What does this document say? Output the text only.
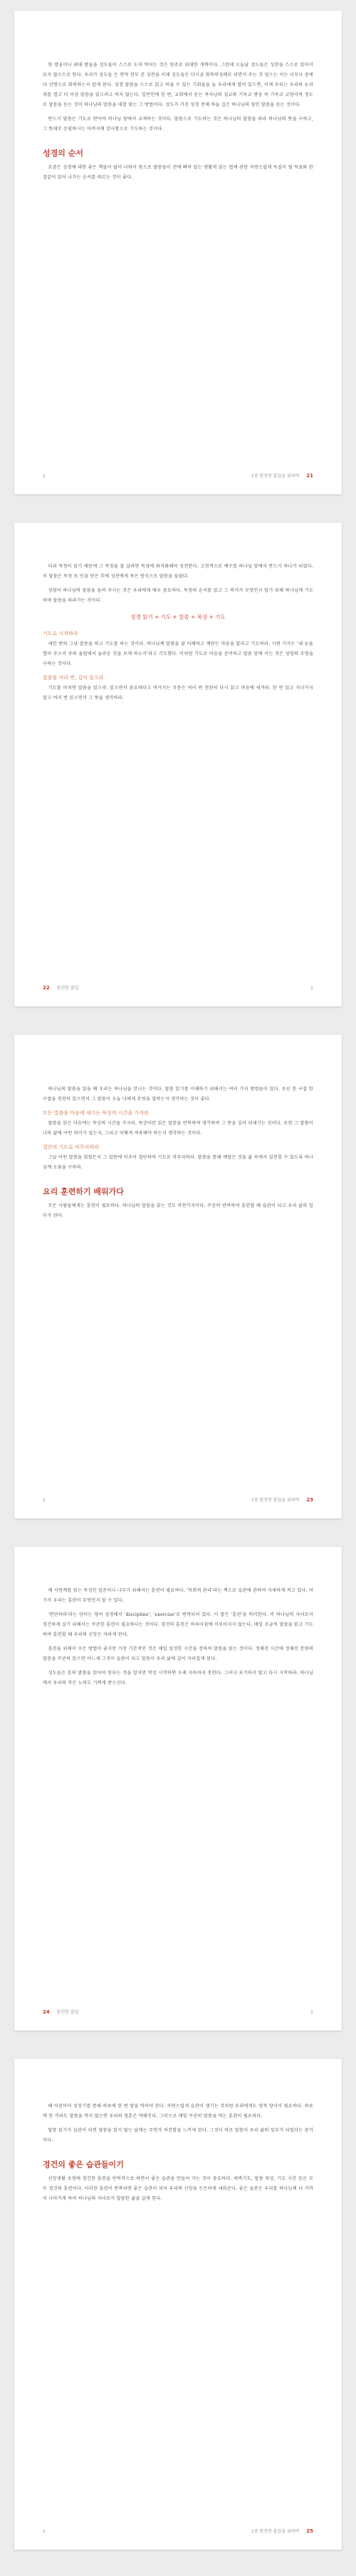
한 방울이나 최대 방울을 성도들이 스스로 도저 먹어는 것은 원조로 위대한 개혁이다. 그런데 오늘날 성도들은 성찬을 스스로 읽어서 보지 않으므로 한다. 우리가 성도들 은 면역 전부 존 성찬을 이제 성도들은 다시금 회복의성례로 되면서 주는 것 임으는 이는 너무나 중에다 선명으로 회의하는지 알게 된다. 성경 말씀을 스스로 읽고 떠올 수 있는 기회들을 늘 우리에게 열어 있으면, 이제 우리는 우리의 눈과 귀를 열고 더 이상 말씀을 읽으려고 하지 않는다. 일반인에 한 번, 교회에서 듣는 목사님의 설교와 기독교 방송 속 기독교 교양서적 정도로 말씀을 듣는 것이 하나님의 말씀을 대할 맞는 그 방법이다. 성도가 가진 성경 전체 하늘 길은 하나님의 영인 말씀을 듣는 것이다.

반드시 말씀은 기도로 받아야 하나님 앞에서 교제하는 것이다. 말씀으로 기도하는 것은 하나님의 말씀을 따라 하나님의 뜻을 구하고, 그 뜻대로 응답하시는 아버지께 감사함으로 기도하는 것이다.

성경의 순서

요즘은 성경에 대한 좋은 책들이 많이 나와서 빛으로 말씀들이 전에 빠져 있는 생활적 읽는 법에 관한 자연스럽게 독실이 될 목표와 한결같이 읽어 나가는 순서를 따르는 것이 좋다.

1	1장 완전한 몰입을 위하여 21

더쉬 목청이 읽기 때문에 그 목청을 잘 살려면 목성에 좌석화해야 성전한다. 고전적으로 예수를 하나님 앞에서 반드시 하나가 되었다. 이 말씀은 목청 또 인을 얻은 후에 성전에게 묵은 방식으로 말씀을 들었다.

성령이 하나님의 말씀을 들려 주시는 것은 우리에게 매우 중요하다. 목청의 순서를 읽고 그 의미가 무엇인지 알기 위해 하나님께 기도하며 말씀을 따라가는 것이다.

성경 읽기 = 기도 + 말씀 + 묵상 + 기도
기도로 시작하라

세인 번의 그냥 말씀을 하고 기도를 하는 것이다. 하나님께 말씀을 잘 이해하고 깨닫는 마음을 달라고 기도하라. 시편 기자는 '내 눈을 열어 주소서 주의 율법에서 놀라운 것을 보게 하소서'라고 기도했다. 이처럼 기도로 마음을 준비하고 말씀 앞에 서는 것은 성령의 조명을 구하는 것이다.

말씀을 여러 번, 깊이 읽으라

기도를 마치면 말씀을 읽으라. 읽으면서 중요하다고 여겨지는 부분은 여러 번 천천히 다시 읽고 마음에 새겨라. 한 번 읽고 지나가지 말고 여러 번 읽으면서 그 뜻을 생각하라.

22 완전한 몰입	1

하나님의 말씀을 읽을 때 우리는 하나님을 만나는 것이다. 말씀 읽기를 이해하기 위해서는 여러 가지 방법들이 있다. 우선 한 구절 한 구절을 천천히 읽으면서 그 말씀이 오늘 나에게 무엇을 말하는지 생각하는 것이 좋다.

모든 말씀을 마음에 새기는 묵상의 시간을 가지라

말씀을 읽은 다음에는 묵상의 시간을 가지라. 묵상이란 읽은 말씀을 반복하여 생각하며 그 뜻을 깊이 되새기는 것이다. 또한 그 말씀이 나의 삶에 어떤 의미가 있는지, 그리고 어떻게 적용해야 하는지 생각하는 것이다.

결단의 기도로 마무리하라

그날 어떤 말씀을 읽었든지 그 말씀에 비추어 결단하며 기도로 마무리하라. 말씀을 통해 깨달은 것을 삶 속에서 실천할 수 있도록 하나님께 도움을 구하라.

요리 훈련하기 배워가다

모든 사람들에게는 훈련이 필요하다. 하나님의 말씀을 읽는 것도 마찬가지이다. 꾸준히 반복하여 훈련할 때 습관이 되고 우리 삶의 일부가 된다.

1	1장 완전한 몰입을 위하여 23

매 자연계를 읽는 목성인 일꾼이나 나무가 위해서는 훈련이 필요하다. '목회적 관리'라는 책으로 습관에 관하여 자세하게 적고 있다. 여기서 우리는 훈련이 무엇인지 알 수 있다.

'연단하라'라는 단어는 영어 성경에서 'discipline', 'exercise'로 번역되어 있다. 이 말은 '훈련'을 의미한다. 즉 하나님의 자녀로서 경건하게 살기 위해서는 꾸준한 훈련이 필요하다는 것이다. 경건의 훈련은 하루아침에 이루어지지 않는다. 매일 조금씩 말씀을 읽고 기도하며 훈련할 때 우리의 신앙은 자라게 된다.

훈련을 위해서 모든 방법이 좋지만 가장 기본적인 것은 매일 일정한 시간을 정하여 말씀을 읽는 것이다. 정해진 시간에 정해진 분량의 말씀을 꾸준히 읽으면 어느새 그것이 습관이 되고 말씀이 우리 삶에 깊이 자리잡게 된다.

성도들은 흔히 말씀을 읽어야 한다는 것을 알지만 막상 시작하면 오래 지속하지 못한다. 그러나 포기하지 말고 다시 시작하라. 하나님께서 우리의 작은 노력도 기쁘게 받으신다.

24 완전한 몰입	1

때 어린아이 성장기를 통해 하루에 한 번 밥을 먹어야 한다. 자연스럽게 습관이 생기는 것처럼 우리에게도 영적 양식이 필요하다. 하루에 한 끼라도 말씀을 먹지 않으면 우리의 영혼은 약해진다. 그러므로 매일 꾸준히 말씀을 먹는 훈련이 필요하다.

말씀 읽기가 습관이 되면 말씀을 읽지 않는 날에는 무언가 허전함을 느끼게 된다. 그것이 바로 말씀이 우리 삶의 일부가 되었다는 증거이다.

경건의 좋은 습관들이기

신앙생활 초창에 경건한 훈련을 반복적으로 하면서 좋은 습관을 만들어 가는 것이 중요하다. 새벽기도, 말씀 묵상, 기도 시간 등은 모두 경건의 훈련이다. 이러한 훈련이 반복되면 좋은 습관이 되어 우리의 신앙을 든든하게 세워준다. 좋은 습관은 우리를 하나님께 더 가까이 나아가게 하며 하나님의 자녀로서 합당한 삶을 살게 한다.

1	1장 완전한 몰입을 위하여 25
